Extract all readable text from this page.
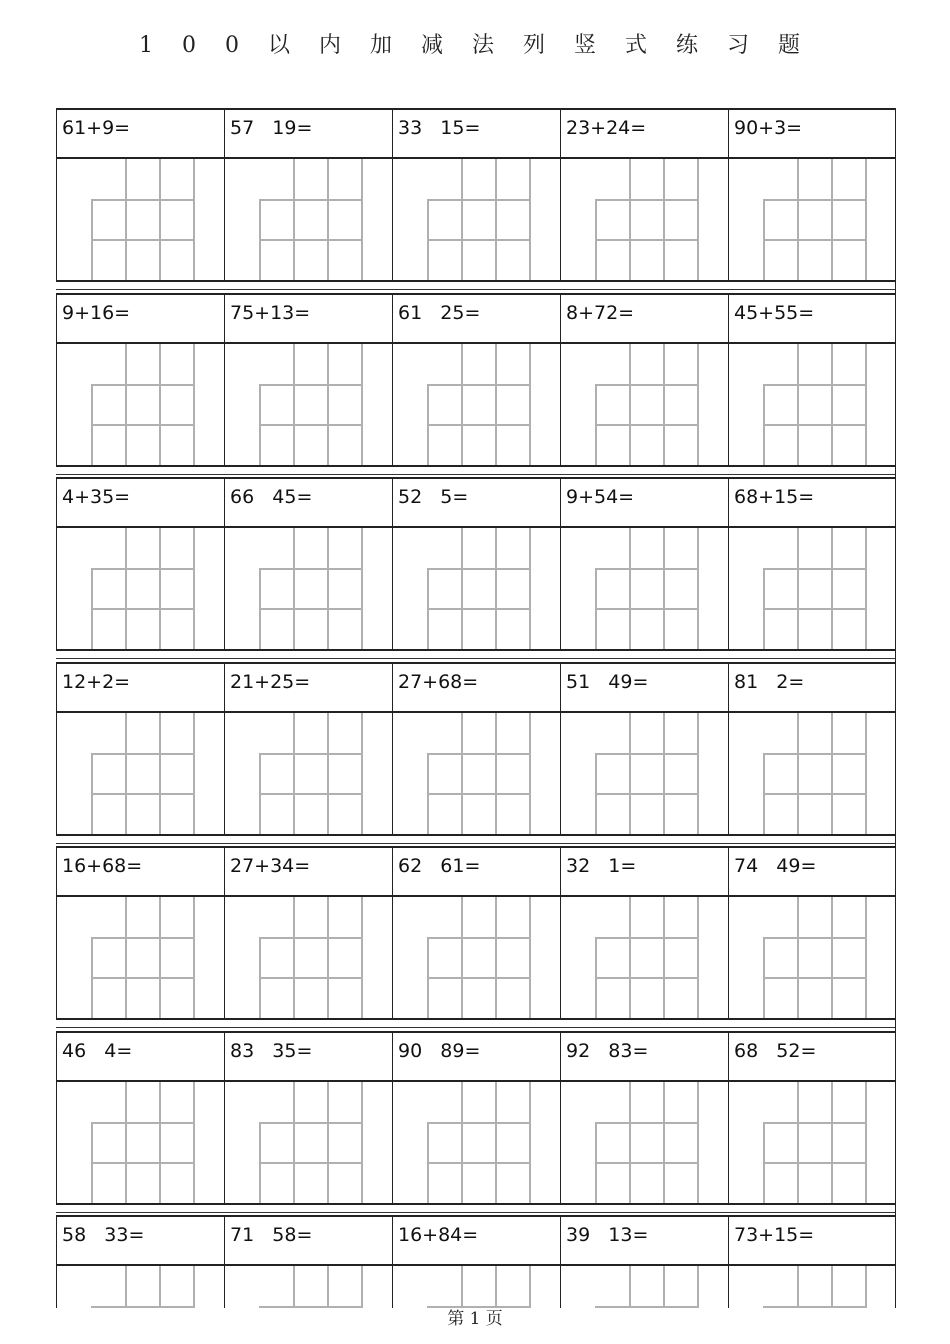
1 0 0 以 内 加 减 法 列 竖 式 练 习 题
61+9=	57   19=	33   15=	23+24=	90+3=
9+16=	75+13=	61   25=	8+72=	45+55=
4+35=	66   45=	52   5=	9+54=	68+15=
12+2=	21+25=	27+68=	51   49=	81   2=
16+68=	27+34=	62   61=	32   1=	74   49=
46   4=	83   35=	90   89=	92   83=	68   52=
58   33=	71   58=	16+84=	39   13=	73+15=
第 1 页
